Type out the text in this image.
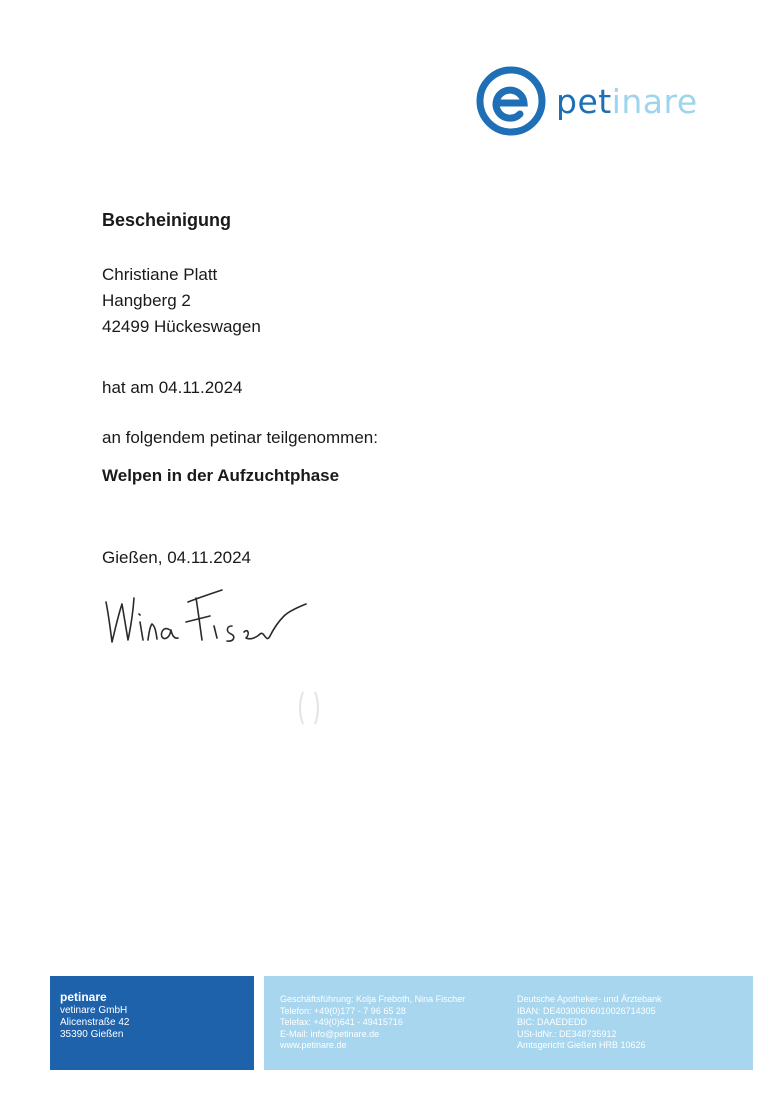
petinare
Bescheinigung
Christiane Platt
Hangberg 2
42499 Hückeswagen
hat am 04.11.2024
an folgendem petinar teilgenommen:
Welpen in der Aufzuchtphase
Gießen, 04.11.2024
petinare
vetinare GmbH
Alicenstraße 42
35390 Gießen
Geschäftsführung: Kolja Freboth, Nina Fischer
Telefon: +49(0)177 - 7 96 65 28
Telefax: +49(0)641 - 49415716
E-Mail: info@petinare.de
www.petinare.de
Deutsche Apotheker- und Ärztebank
IBAN: DE40300606010026714305
BIC: DAAEDEDD
USt-IdNr.: DE348735912
Amtsgericht Gießen HRB 10626
